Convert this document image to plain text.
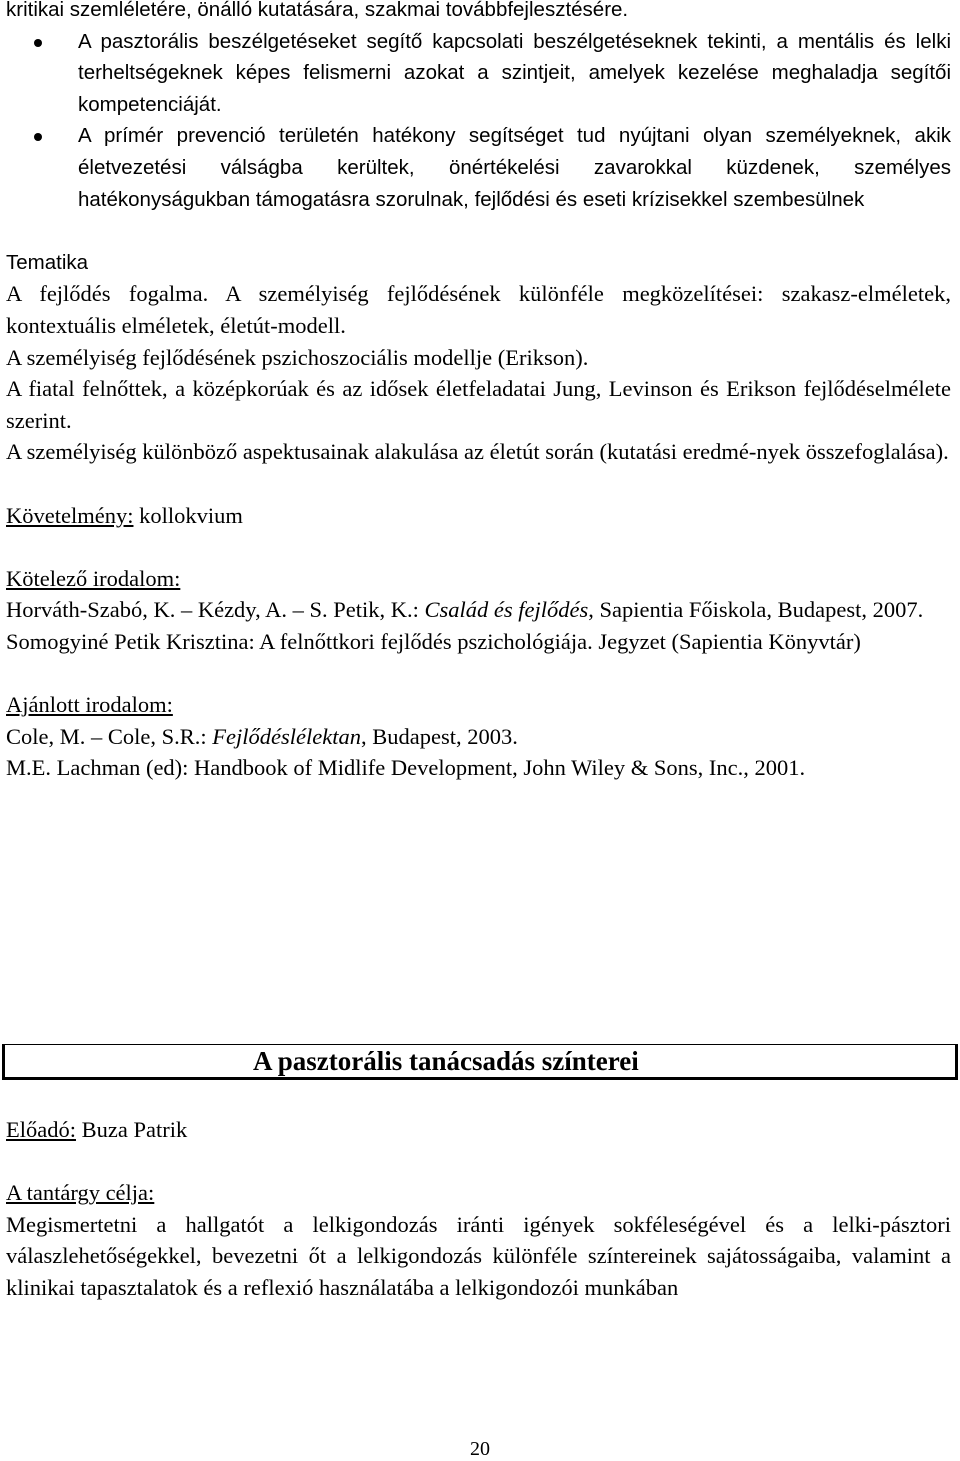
kritikai szemléletére, önálló kutatására, szakmai továbbfejlesztésére.
A pasztorális beszélgetéseket segítő kapcsolati beszélgetéseknek tekinti, a mentális és lelki terheltségeknek képes felismerni azokat a szintjeit, amelyek kezelése meghaladja segítői kompetenciáját.
A prímér prevenció területén hatékony segítséget tud nyújtani olyan személyeknek, akik életvezetési válságba kerültek, önértékelési zavarokkal küzdenek, személyes hatékonyságukban támogatásra szorulnak, fejlődési és eseti krízisekkel szembesülnek
Tematika

A fejlődés fogalma. A személyiség fejlődésének különféle megközelítései: szakasz-elméletek, kontextuális elméletek, életút-modell.

A személyiség fejlődésének pszichoszociális modellje (Erikson).

A fiatal felnőttek, a középkorúak és az idősek életfeladatai Jung, Levinson és Erikson fejlődéselmélete szerint.

A személyiség különböző aspektusainak alakulása az életút során (kutatási eredmé-nyek összefoglalása).

Követelmény: kollokvium

Kötelező irodalom:

Horváth-Szabó, K. – Kézdy, A. – S. Petik, K.: Család és fejlődés, Sapientia Főiskola, Budapest, 2007.

Somogyiné Petik Krisztina: A felnőttkori fejlődés pszichológiája. Jegyzet (Sapientia Könyvtár)

Ajánlott irodalom:

Cole, M. – Cole, S.R.: Fejlődéslélektan, Budapest, 2003.

M.E. Lachman (ed): Handbook of Midlife Development, John Wiley & Sons, Inc., 2001.

A pasztorális tanácsadás színterei

Előadó: Buza Patrik

A tantárgy célja:

Megismertetni a hallgatót a lelkigondozás iránti igények sokféleségével és a lelki-pásztori válaszlehetőségekkel, bevezetni őt a lelkigondozás különféle színtereinek sajátosságaiba, valamint a klinikai tapasztalatok és a reflexió használatába a lelkigondozói munkában

20
